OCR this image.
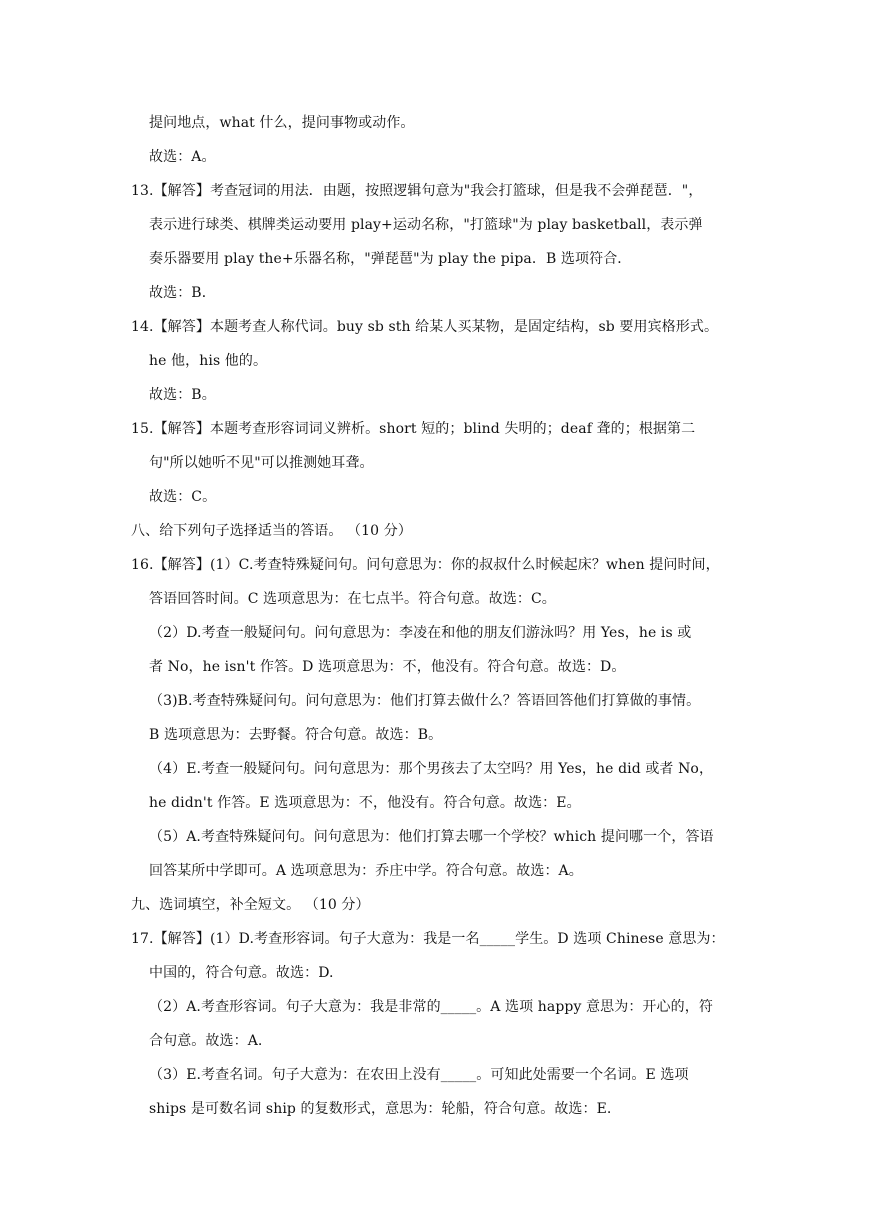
提问地点，what 什么，提问事物或动作。
故选：A。
13.【解答】考查冠词的用法．由题，按照逻辑句意为"我会打篮球，但是我不会弹琵琶．"，
表示进行球类、棋牌类运动要用 play+运动名称，"打篮球"为 play basketball，表示弹
奏乐器要用 play the+乐器名称，"弹琵琶"为 play the pipa．B 选项符合．
故选：B．
14.【解答】本题考查人称代词。buy sb sth 给某人买某物，是固定结构，sb 要用宾格形式。
he 他，his 他的。
故选：B。
15.【解答】本题考查形容词词义辨析。short 短的；blind 失明的；deaf 聋的；根据第二
句"所以她听不见"可以推测她耳聋。
故选：C。
八、给下列句子选择适当的答语。 （10 分）
16.【解答】(1）C.考查特殊疑问句。问句意思为：你的叔叔什么时候起床？when 提问时间，
答语回答时间。C 选项意思为：在七点半。符合句意。故选：C。
（2）D.考查一般疑问句。问句意思为：李凌在和他的朋友们游泳吗？用 Yes，he is 或
者 No，he isn't 作答。D 选项意思为：不，他没有。符合句意。故选：D。
（3)B.考查特殊疑问句。问句意思为：他们打算去做什么？答语回答他们打算做的事情。
B 选项意思为：去野餐。符合句意。故选：B。
（4）E.考查一般疑问句。问句意思为：那个男孩去了太空吗？用 Yes，he did 或者 No，
he didn't 作答。E 选项意思为：不，他没有。符合句意。故选：E。
（5）A.考查特殊疑问句。问句意思为：他们打算去哪一个学校？which 提问哪一个，答语
回答某所中学即可。A 选项意思为：乔庄中学。符合句意。故选：A。
九、选词填空，补全短文。 （10 分）
17.【解答】(1）D.考查形容词。句子大意为：我是一名_____学生。D 选项 Chinese 意思为：
中国的，符合句意。故选：D.
（2）A.考查形容词。句子大意为：我是非常的_____。A 选项 happy 意思为：开心的，符
合句意。故选：A.
（3）E.考查名词。句子大意为：在农田上没有_____。可知此处需要一个名词。E 选项
ships 是可数名词 ship 的复数形式，意思为：轮船，符合句意。故选：E.
